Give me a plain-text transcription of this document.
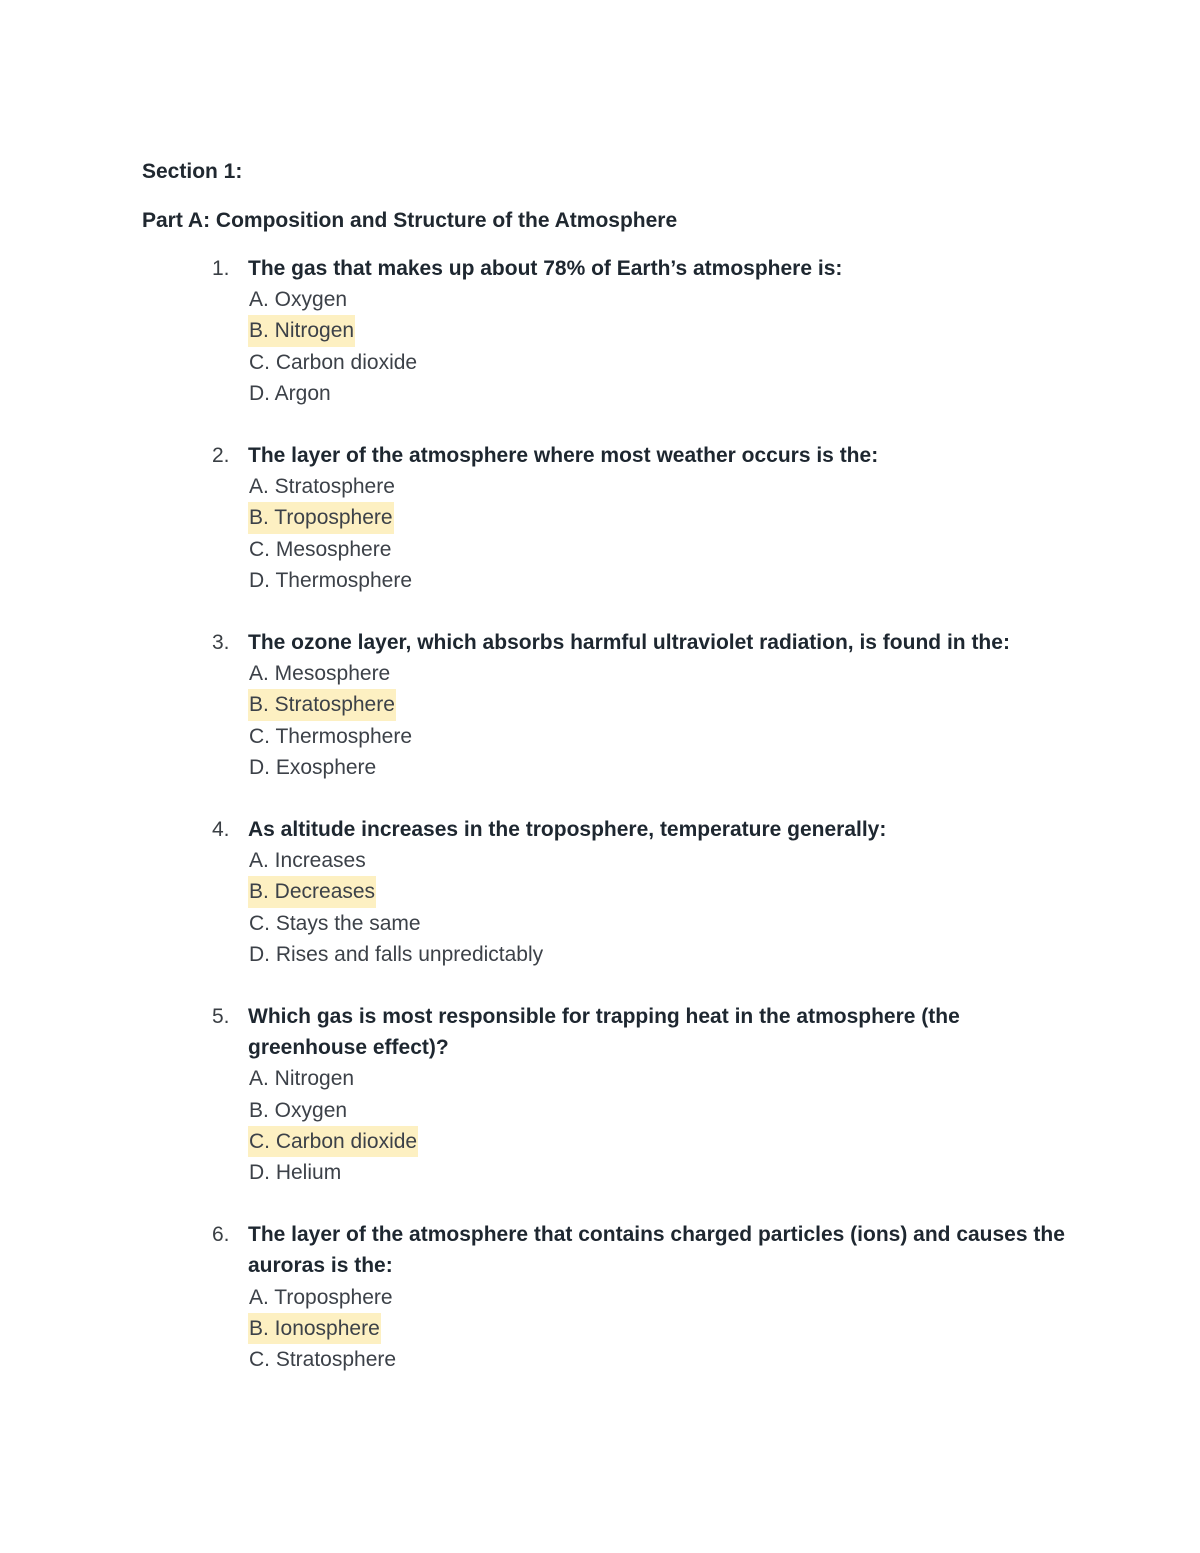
Section 1:
Part A: Composition and Structure of the Atmosphere
1. The gas that makes up about 78% of Earth’s atmosphere is:
A. Oxygen
B. Nitrogen
C. Carbon dioxide
D. Argon
2. The layer of the atmosphere where most weather occurs is the:
A. Stratosphere
B. Troposphere
C. Mesosphere
D. Thermosphere
3. The ozone layer, which absorbs harmful ultraviolet radiation, is found in the:
A. Mesosphere
B. Stratosphere
C. Thermosphere
D. Exosphere
4. As altitude increases in the troposphere, temperature generally:
A. Increases
B. Decreases
C. Stays the same
D. Rises and falls unpredictably
5. Which gas is most responsible for trapping heat in the atmosphere (the greenhouse effect)?
A. Nitrogen
B. Oxygen
C. Carbon dioxide
D. Helium
6. The layer of the atmosphere that contains charged particles (ions) and causes the auroras is the:
A. Troposphere
B. Ionosphere
C. Stratosphere
